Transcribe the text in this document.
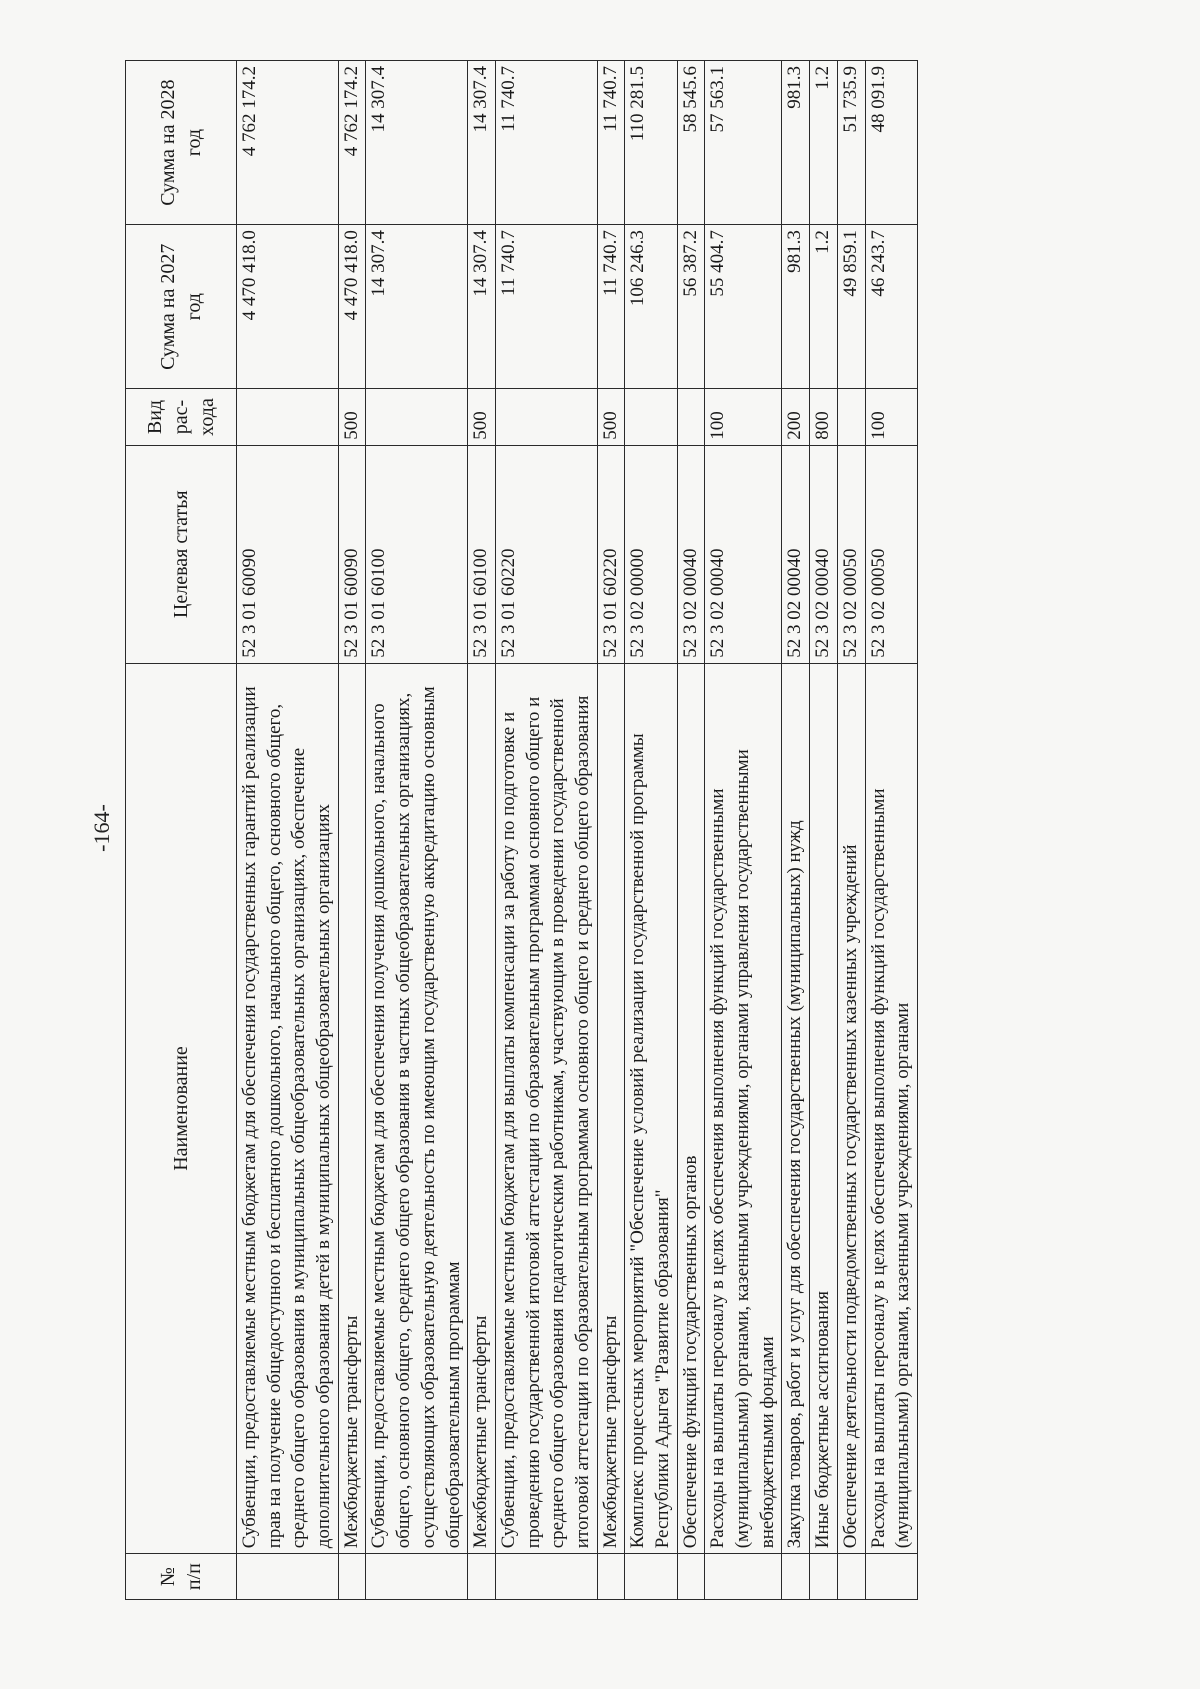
-164-
№ п/п	Наименование	Целевая статья	Вид рас-хода	Сумма на 2027 год	Сумма на 2028 год
	Субвенции, предоставляемые местным бюджетам для обеспечения государственных гарантий реализации прав на получение общедоступного и бесплатного дошкольного, начального общего, основного общего, среднего общего образования в муниципальных общеобразовательных организациях, обеспечение дополнительного образования детей в муниципальных общеобразовательных организациях	52 3 01 60090		4 470 418.0	4 762 174.2
	Межбюджетные трансферты	52 3 01 60090	500	4 470 418.0	4 762 174.2
	Субвенции, предоставляемые местным бюджетам для обеспечения получения дошкольного, начального общего, основного общего, среднего общего образования в частных общеобразовательных организациях, осуществляющих образовательную деятельность по имеющим государственную аккредитацию основным общеобразовательным программам	52 3 01 60100		14 307.4	14 307.4
	Межбюджетные трансферты	52 3 01 60100	500	14 307.4	14 307.4
	Субвенции, предоставляемые местным бюджетам для выплаты компенсации за работу по подготовке и проведению государственной итоговой аттестации по образовательным программам основного общего и среднего общего образования педагогическим работникам, участвующим в проведении государственной итоговой аттестации по образовательным программам основного общего и среднего общего образования	52 3 01 60220		11 740.7	11 740.7
	Межбюджетные трансферты	52 3 01 60220	500	11 740.7	11 740.7
	Комплекс процессных мероприятий "Обеспечение условий реализации государственной программы Республики Адыгея "Развитие образования"	52 3 02 00000		106 246.3	110 281.5
	Обеспечение функций государственных органов	52 3 02 00040		56 387.2	58 545.6
	Расходы на выплаты персоналу в целях обеспечения выполнения функций государственными (муниципальными) органами, казенными учреждениями, органами управления государственными внебюджетными фондами	52 3 02 00040	100	55 404.7	57 563.1
	Закупка товаров, работ и услуг для обеспечения государственных (муниципальных) нужд	52 3 02 00040	200	981.3	981.3
	Иные бюджетные ассигнования	52 3 02 00040	800	1.2	1.2
	Обеспечение деятельности подведомственных государственных казенных учреждений	52 3 02 00050		49 859.1	51 735.9
	Расходы на выплаты персоналу в целях обеспечения выполнения функций государственными (муниципальными) органами, казенными учреждениями, органами	52 3 02 00050	100	46 243.7	48 091.9
